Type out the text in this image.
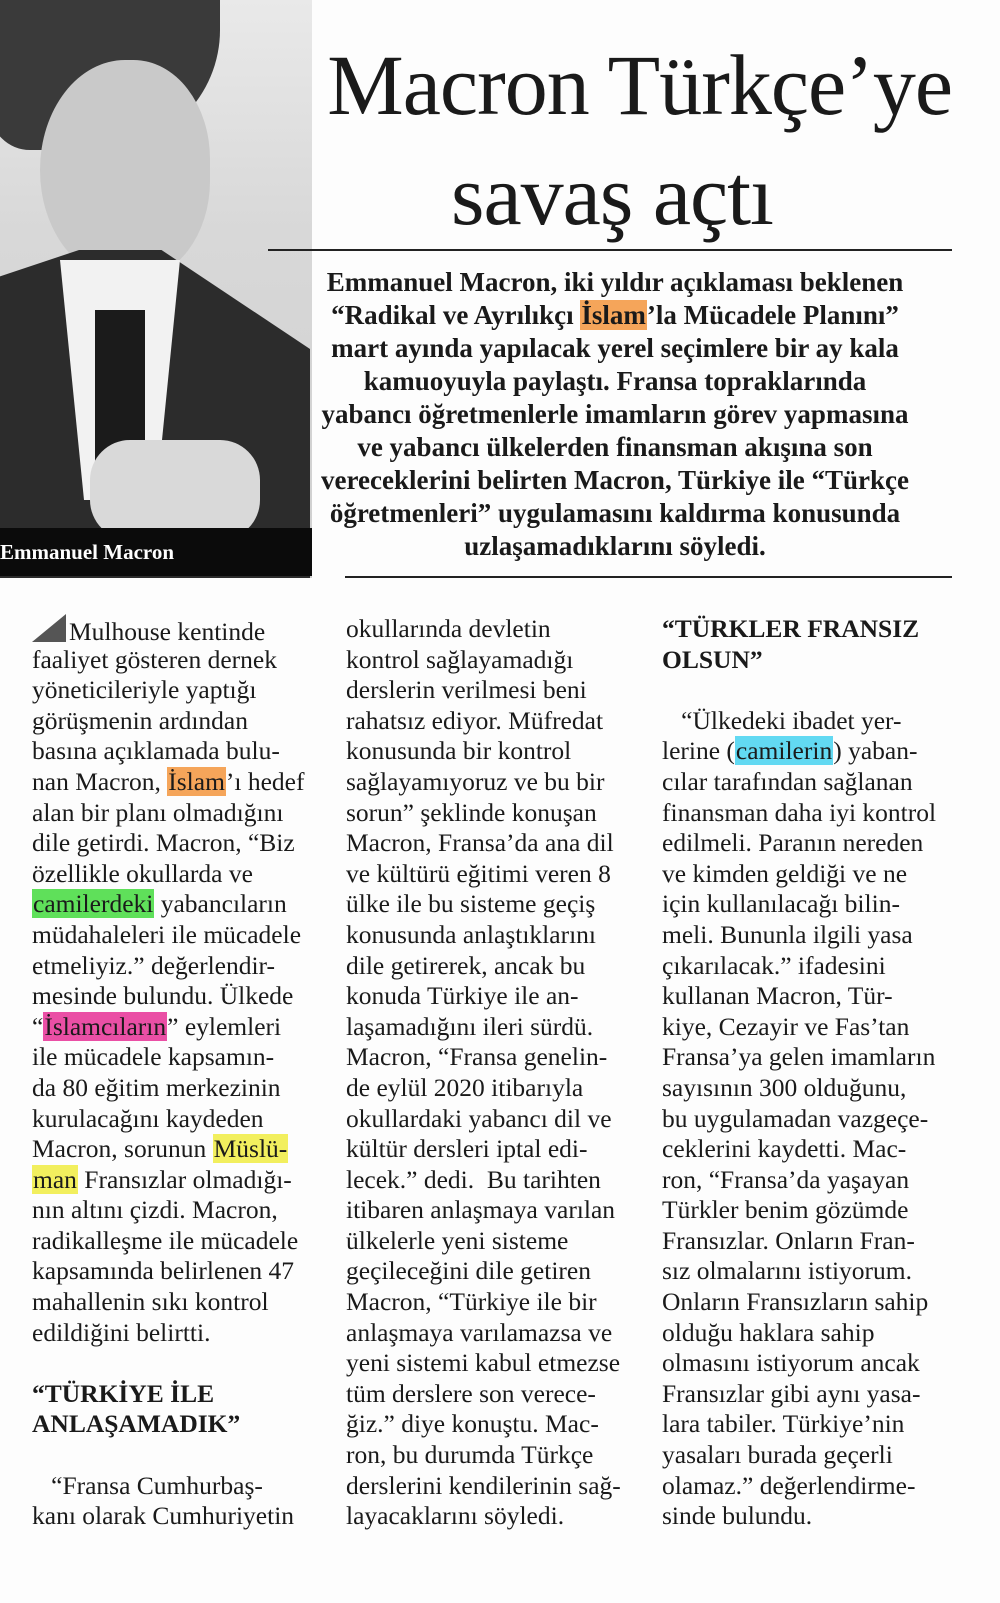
Emmanuel Macron
Macron Türkçe’ye
savaş açtı
Emmanuel Macron, iki yıldır açıklaması beklenen
“Radikal ve Ayrılıkçı İslam’la Mücadele Planını”
mart ayında yapılacak yerel seçimlere bir ay kala
kamuoyuyla paylaştı. Fransa topraklarında
yabancı öğretmenlerle imamların görev yapmasına
ve yabancı ülkelerden finansman akışına son
vereceklerini belirten Macron, Türkiye ile “Türkçe
öğretmenleri” uygulamasını kaldırma konusunda
uzlaşamadıklarını söyledi.
Mulhouse kentinde
faaliyet gösteren dernek
yöneticileriyle yaptığı
görüşmenin ardından
basına açıklamada bulu-
nan Macron, İslam’ı hedef
alan bir planı olmadığını
dile getirdi. Macron, “Biz
özellikle okullarda ve
camilerdeki yabancıların
müdahaleleri ile mücadele
etmeliyiz.” değerlendir-
mesinde bulundu. Ülkede
“İslamcıların” eylemleri
ile mücadele kapsamın-
da 80 eğitim merkezinin
kurulacağını kaydeden
Macron, sorunun Müslü-
man Fransızlar olmadığı-
nın altını çizdi. Macron,
radikalleşme ile mücadele
kapsamında belirlenen 47
mahallenin sıkı kontrol
edildiğini belirtti.
“TÜRKİYE İLE
ANLAŞAMADIK”
“Fransa Cumhurbaş-
kanı olarak Cumhuriyetin
okullarında devletin
kontrol sağlayamadığı
derslerin verilmesi beni
rahatsız ediyor. Müfredat
konusunda bir kontrol
sağlayamıyoruz ve bu bir
sorun” şeklinde konuşan
Macron, Fransa’da ana dil
ve kültürü eğitimi veren 8
ülke ile bu sisteme geçiş
konusunda anlaştıklarını
dile getirerek, ancak bu
konuda Türkiye ile an-
laşamadığını ileri sürdü.
Macron, “Fransa genelin-
de eylül 2020 itibarıyla
okullardaki yabancı dil ve
kültür dersleri iptal edi-
lecek.” dedi.  Bu tarihten
itibaren anlaşmaya varılan
ülkelerle yeni sisteme
geçileceğini dile getiren
Macron, “Türkiye ile bir
anlaşmaya varılamazsa ve
yeni sistemi kabul etmezse
tüm derslere son verece-
ğiz.” diye konuştu. Mac-
ron, bu durumda Türkçe
derslerini kendilerinin sağ-
layacaklarını söyledi.
“TÜRKLER FRANSIZ
OLSUN”
“Ülkedeki ibadet yer-
lerine (camilerin) yaban-
cılar tarafından sağlanan
finansman daha iyi kontrol
edilmeli. Paranın nereden
ve kimden geldiği ve ne
için kullanılacağı bilin-
meli. Bununla ilgili yasa
çıkarılacak.” ifadesini
kullanan Macron, Tür-
kiye, Cezayir ve Fas’tan
Fransa’ya gelen imamların
sayısının 300 olduğunu,
bu uygulamadan vazgeçe-
ceklerini kaydetti. Mac-
ron, “Fransa’da yaşayan
Türkler benim gözümde
Fransızlar. Onların Fran-
sız olmalarını istiyorum.
Onların Fransızların sahip
olduğu haklara sahip
olmasını istiyorum ancak
Fransızlar gibi aynı yasa-
lara tabiler. Türkiye’nin
yasaları burada geçerli
olamaz.” değerlendirme-
sinde bulundu.
